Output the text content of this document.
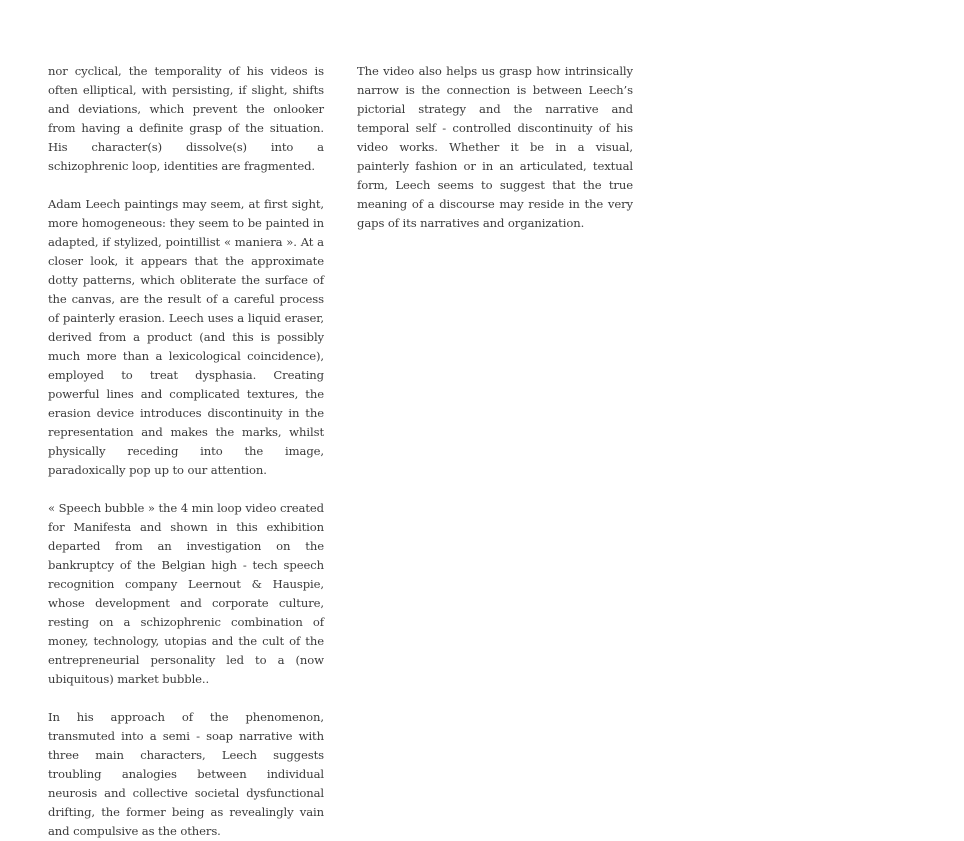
nor cyclical, the temporality of his videos is often elliptical, with persisting, if slight, shifts and deviations, which prevent the onlooker from having a definite grasp of the situation. His character(s) dissolve(s) into a schizophrenic loop, identities are fragmented.

Adam Leech paintings may seem, at first sight, more homogeneous: they seem to be painted in adapted, if stylized, pointillist « maniera ». At a closer look, it appears that the approximate dotty patterns, which obliterate the surface of the canvas, are the result of a careful process of painterly erasion. Leech uses a liquid eraser, derived from a product (and this is possibly much more than a lexicological coincidence), employed to treat dysphasia. Creating powerful lines and complicated textures, the erasion device introduces discontinuity in the representation and makes the marks, whilst physically receding into the image, paradoxically pop up to our attention.

« Speech bubble » the 4 min loop video created for Manifesta and shown in this exhibition departed from an investigation on the bankruptcy of the Belgian high - tech speech recognition company Leernout & Hauspie, whose development and corporate culture, resting on a schizophrenic combination of money, technology, utopias and the cult of the entrepreneurial personality led to a (now ubiquitous) market bubble..

In his approach of the phenomenon, transmuted into a semi - soap narrative with three main characters, Leech suggests troubling analogies between individual neurosis and collective societal dysfunctional drifting, the former being as revealingly vain and compulsive as the others.

The video also helps us grasp how intrinsically narrow is the connection is between Leech’s pictorial strategy and the narrative and temporal self - controlled discontinuity of his video works. Whether it be in a visual, painterly fashion or in an articulated, textual form, Leech seems to suggest that the true meaning of a discourse may reside in the very gaps of its narratives and organization.
